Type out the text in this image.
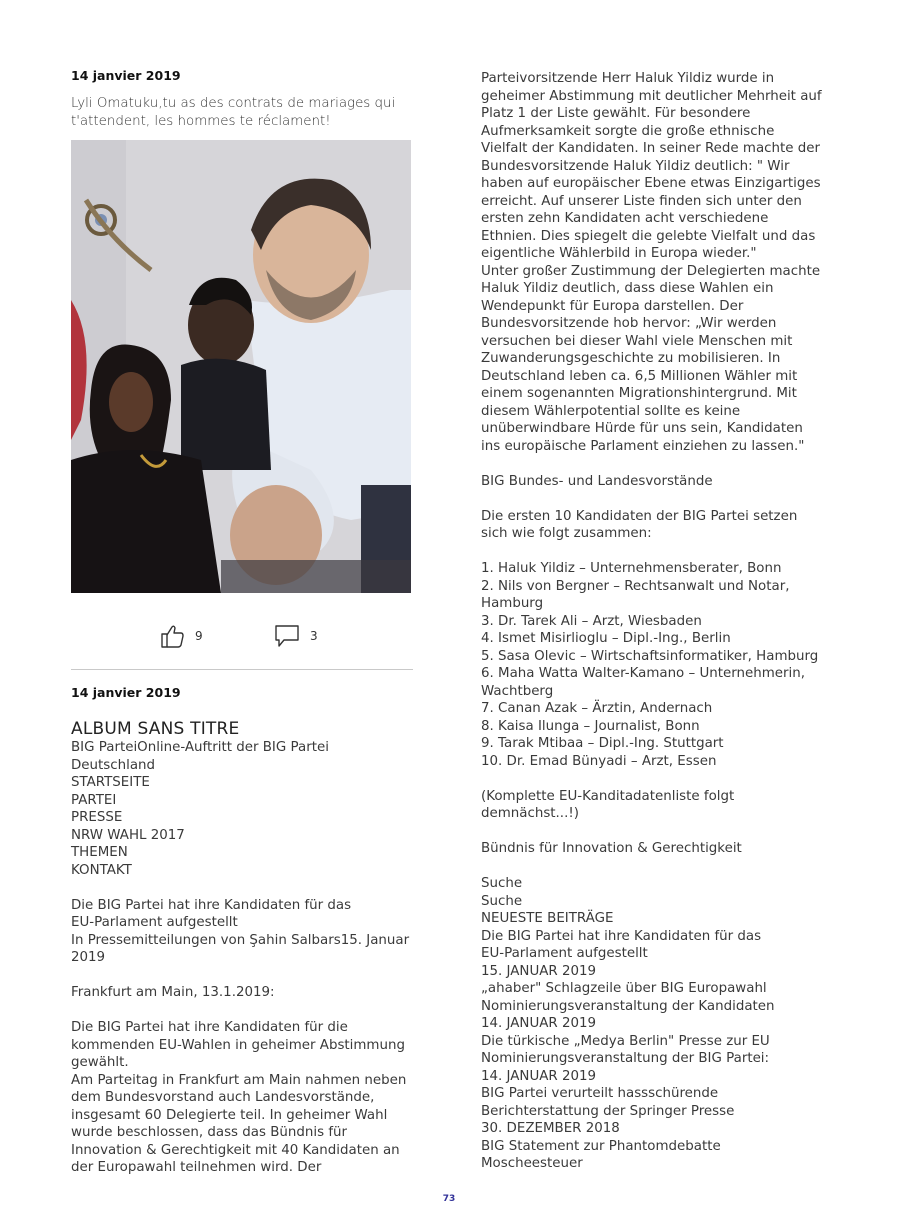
14 janvier 2019

Lyli Omatuku,tu as des contrats de mariages qui t'attendent, les hommes te réclament!

9	3

14 janvier 2019

ALBUM SANS TITRE

BIG ParteiOnline-Auftritt der BIG Partei

Deutschland

STARTSEITE

PARTEI

PRESSE

NRW WAHL 2017

THEMEN

KONTAKT

Die BIG Partei hat ihre Kandidaten für das

EU-Parlament aufgestellt

In Pressemitteilungen von Şahin Salbars15. Januar

2019

Frankfurt am Main, 13.1.2019:

Die BIG Partei hat ihre Kandidaten für die

kommenden EU-Wahlen in geheimer Abstimmung

gewählt.

Am Parteitag in Frankfurt am Main nahmen neben

dem Bundesvorstand auch Landesvorstände,

insgesamt 60 Delegierte teil. In geheimer Wahl

wurde beschlossen, dass das Bündnis für

Innovation & Gerechtigkeit mit 40 Kandidaten an

der Europawahl teilnehmen wird. Der

Parteivorsitzende Herr Haluk Yildiz wurde in

geheimer Abstimmung mit deutlicher Mehrheit auf

Platz 1 der Liste gewählt. Für besondere

Aufmerksamkeit sorgte die große ethnische

Vielfalt der Kandidaten. In seiner Rede machte der

Bundesvorsitzende Haluk Yildiz deutlich: " Wir

haben auf europäischer Ebene etwas Einzigartiges

erreicht. Auf unserer Liste finden sich unter den

ersten zehn Kandidaten acht verschiedene

Ethnien. Dies spiegelt die gelebte Vielfalt und das

eigentliche Wählerbild in Europa wieder."

Unter großer Zustimmung der Delegierten machte

Haluk Yildiz deutlich, dass diese Wahlen ein

Wendepunkt für Europa darstellen. Der

Bundesvorsitzende hob hervor: „Wir werden

versuchen bei dieser Wahl viele Menschen mit

Zuwanderungsgeschichte zu mobilisieren. In

Deutschland leben ca. 6,5 Millionen Wähler mit

einem sogenannten Migrationshintergrund. Mit

diesem Wählerpotential sollte es keine

unüberwindbare Hürde für uns sein, Kandidaten

ins europäische Parlament einziehen zu lassen."

BIG Bundes- und Landesvorstände

Die ersten 10 Kandidaten der BIG Partei setzen

sich wie folgt zusammen:

1. Haluk Yildiz – Unternehmensberater, Bonn

2. Nils von Bergner – Rechtsanwalt und Notar,

Hamburg

3. Dr. Tarek Ali – Arzt, Wiesbaden

4. Ismet Misirlioglu – Dipl.-Ing., Berlin

5. Sasa Olevic – Wirtschaftsinformatiker, Hamburg

6. Maha Watta Walter-Kamano – Unternehmerin,

Wachtberg

7. Canan Azak – Ärztin, Andernach

8. Kaisa Ilunga – Journalist, Bonn

9. Tarak Mtibaa – Dipl.-Ing. Stuttgart

10. Dr. Emad Bünyadi – Arzt, Essen

(Komplette EU-Kanditadatenliste folgt

demnächst...!)

Bündnis für Innovation & Gerechtigkeit

Suche

Suche

NEUESTE BEITRÄGE

Die BIG Partei hat ihre Kandidaten für das

EU-Parlament aufgestellt

15. JANUAR 2019

„ahaber" Schlagzeile über BIG Europawahl

Nominierungsveranstaltung der Kandidaten

14. JANUAR 2019

Die türkische „Medya Berlin" Presse zur EU

Nominierungsveranstaltung der BIG Partei:

14. JANUAR 2019

BIG Partei verurteilt hassschürende

Berichterstattung der Springer Presse

30. DEZEMBER 2018

BIG Statement zur Phantomdebatte

Moscheesteuer

73
